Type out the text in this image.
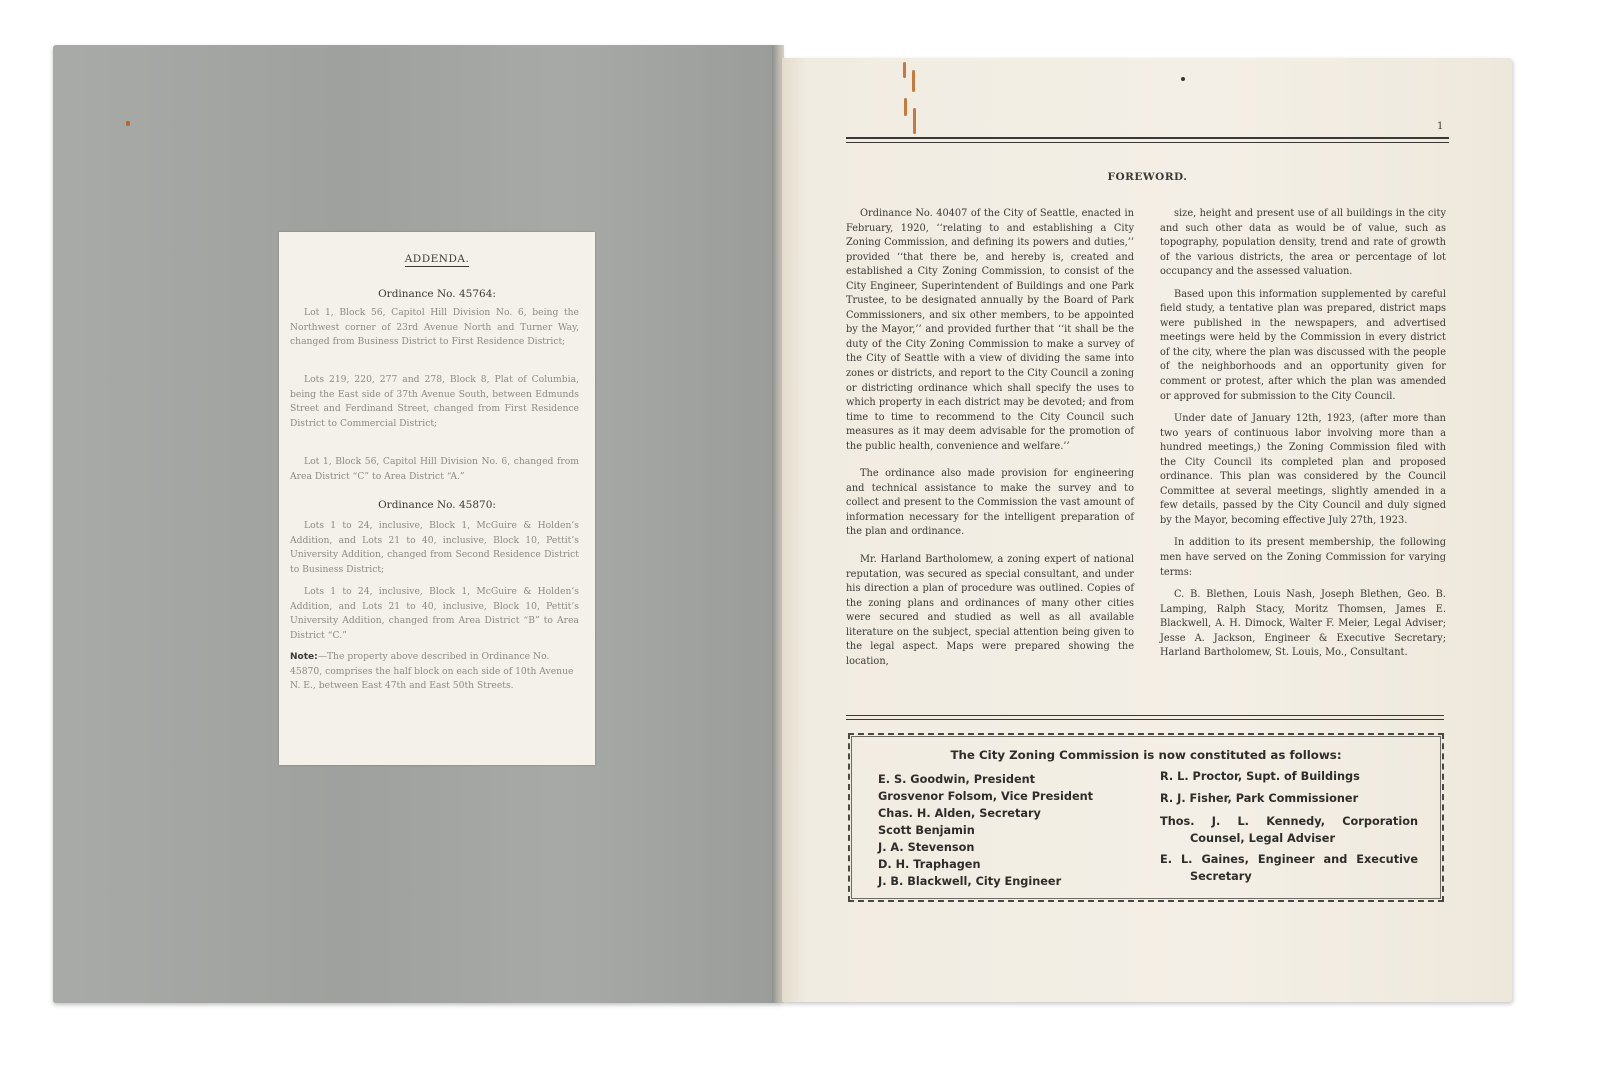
ADDENDA.
Ordinance No. 45764:
Lot 1, Block 56, Capitol Hill Division No. 6, being the Northwest corner of 23rd Avenue North and Turner Way, changed from Business District to First Residence District;
Lots 219, 220, 277 and 278, Block 8, Plat of Columbia, being the East side of 37th Avenue South, between Edmunds Street and Ferdinand Street, changed from First Residence District to Commercial District;
Lot 1, Block 56, Capitol Hill Division No. 6, changed from Area District “C” to Area District “A.”
Ordinance No. 45870:
Lots 1 to 24, inclusive, Block 1, McGuire & Holden’s Addition, and Lots 21 to 40, inclusive, Block 10, Pettit’s University Addition, changed from Second Residence District to Business District;
Lots 1 to 24, inclusive, Block 1, McGuire & Holden’s Addition, and Lots 21 to 40, inclusive, Block 10, Pettit’s University Addition, changed from Area District “B” to Area District “C.”
Note:—The property above described in Ordinance No. 45870, comprises the half block on each side of 10th Avenue N. E., between East 47th and East 50th Streets.
1
FOREWORD.

Ordinance No. 40407 of the City of Seattle, enacted in February, 1920, ‘‘relating to and establishing a City Zoning Commission, and defining its powers and duties,’’ provided ‘‘that there be, and hereby is, created and established a City Zoning Commission, to consist of the City Engineer, Superintendent of Buildings and one Park Trustee, to be designated annually by the Board of Park Commissioners, and six other members, to be appointed by the Mayor,’’ and provided further that ‘‘it shall be the duty of the City Zoning Commission to make a survey of the City of Seattle with a view of dividing the same into zones or districts, and report to the City Council a zoning or districting ordinance which shall specify the uses to which property in each district may be devoted; and from time to time to recommend to the City Council such measures as it may deem advisable for the promotion of the public health, convenience and welfare.’’

The ordinance also made provision for engineering and technical assistance to make the survey and to collect and present to the Commission the vast amount of information necessary for the intelligent preparation of the plan and ordinance.

Mr. Harland Bartholomew, a zoning expert of national reputation, was secured as special consultant, and under his direction a plan of procedure was outlined. Copies of the zoning plans and ordinances of many other cities were secured and studied as well as all available literature on the subject, special attention being given to the legal aspect. Maps were prepared showing the location,

size, height and present use of all buildings in the city and such other data as would be of value, such as topography, population density, trend and rate of growth of the various districts, the area or percentage of lot occupancy and the assessed valuation.

Based upon this information supplemented by careful field study, a tentative plan was prepared, district maps were published in the newspapers, and advertised meetings were held by the Commission in every district of the city, where the plan was discussed with the people of the neighborhoods and an opportunity given for comment or protest, after which the plan was amended or approved for submission to the City Council.

Under date of January 12th, 1923, (after more than two years of continuous labor involving more than a hundred meetings,) the Zoning Commission filed with the City Council its completed plan and proposed ordinance. This plan was considered by the Council Committee at several meetings, slightly amended in a few details, passed by the City Council and duly signed by the Mayor, becoming effective July 27th, 1923.

In addition to its present membership, the following men have served on the Zoning Commission for varying terms:

C. B. Blethen, Louis Nash, Joseph Blethen, Geo. B. Lamping, Ralph Stacy, Moritz Thomsen, James E. Blackwell, A. H. Dimock, Walter F. Meier, Legal Adviser; Jesse A. Jackson, Engineer & Executive Secretary; Harland Bartholomew, St. Louis, Mo., Consultant.

The City Zoning Commission is now constituted as follows:
E. S. Goodwin, President
Grosvenor Folsom, Vice President
Chas. H. Alden, Secretary
Scott Benjamin
J. A. Stevenson
D. H. Traphagen
J. B. Blackwell, City Engineer
R. L. Proctor, Supt. of Buildings
R. J. Fisher, Park Commissioner
Thos. J. L. Kennedy, Corporation Counsel, Legal Adviser
E. L. Gaines, Engineer and Executive Secretary
